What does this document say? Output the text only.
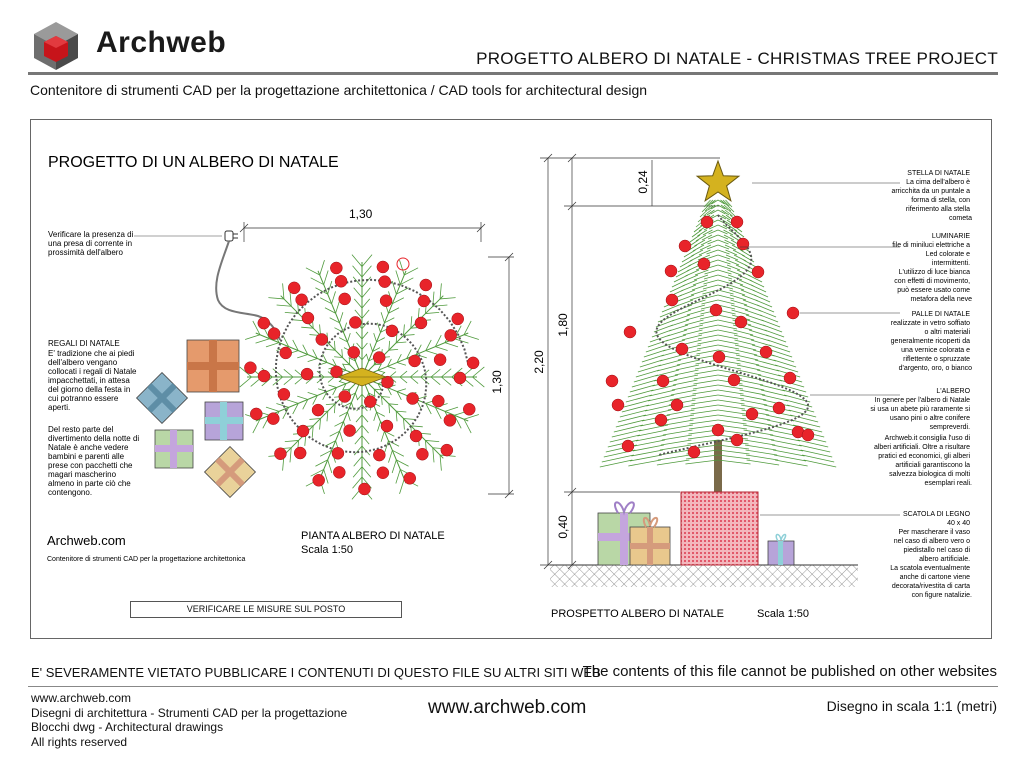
Archweb	PROGETTO ALBERO DI NATALE - CHRISTMAS TREE PROJECT
Contenitore di strumenti CAD per la progettazione architettonica / CAD tools for architectural design
PROGETTO DI UN ALBERO DI NATALE
1,30
1,30
Verificare la presenza di una presa di corrente in prossimità dell'albero
REGALI DI NATALE E' tradizione che ai piedi dell'albero vengano collocati i regali di Natale impacchettati, in attesa del giorno della festa in cui potranno essere aperti. Del resto parte del divertimento della notte di Natale è anche vedere bambini e parenti alle prese con pacchetti che magari mascherino almeno in parte ciò che contengono.
PIANTA ALBERO DI NATALE
Scala 1:50
Archweb.com
Contenitore di strumenti CAD per la progettazione architettonica
2,20
1,80
0,24
0,40
STELLA DI NATALE La cima dell'albero è arricchita da un puntale a forma di stella, con riferimento alla stella cometa
LUMINARIE file di miniluci elettriche a Led colorate e intermittenti. L'utilizzo di luce bianca con effetti di movimento, può essere usato come metafora della neve
PALLE DI NATALE realizzate in vetro soffiato o altri materiali generalmente ricoperti da una vernice colorata e riflettente o spruzzate d'argento, oro, o bianco
L'ALBERO In genere per l'albero di Natale si usa un abete più raramente si usano pini o altre conifere sempreverdi. Archweb.it consiglia l'uso di alberi artificiali. Oltre a risultare pratici ed economici, gli alberi artificiali garantiscono la salvezza biologica di molti esemplari reali.
SCATOLA DI LEGNO 40 x 40 Per mascherare il vaso nel caso di albero vero o piedistallo nel caso di albero artificiale. La scatola eventualmente anche di cartone viene decorata/rivestita di carta con figure natalizie.
PROSPETTO ALBERO DI NATALE	Scala 1:50
VERIFICARE LE MISURE SUL POSTO
E' SEVERAMENTE VIETATO PUBBLICARE I CONTENUTI DI QUESTO FILE SU ALTRI SITI WEB
The contents of this file cannot be published on other websites
www.archweb.com
Disegni di architettura - Strumenti CAD per la progettazione
Blocchi dwg - Architectural drawings
All rights reserved
www.archweb.com	Disegno in scala 1:1 (metri)
